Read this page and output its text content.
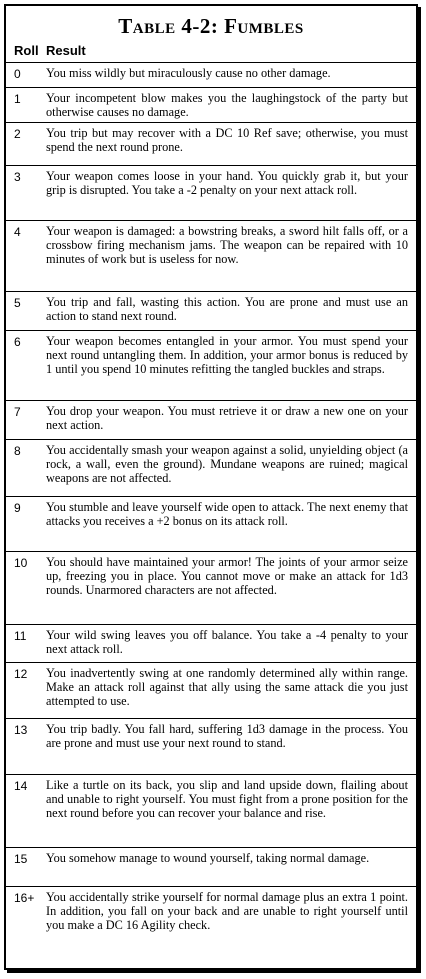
Table 4-2: Fumbles
Roll Result
0	You miss wildly but miraculously cause no other damage.
1	Your incompetent blow makes you the laughingstock of the party but otherwise causes no damage.
2	You trip but may recover with a DC 10 Ref save; otherwise, you must spend the next round prone.
3	Your weapon comes loose in your hand. You quickly grab it, but your grip is disrupted. You take a -2 penalty on your next attack roll.
4	Your weapon is damaged: a bowstring breaks, a sword hilt falls off, or a crossbow firing mechanism jams. The weapon can be repaired with 10 minutes of work but is useless for now.
5	You trip and fall, wasting this action. You are prone and must use an action to stand next round.
6	Your weapon becomes entangled in your armor. You must spend your next round untangling them. In addition, your armor bonus is reduced by 1 until you spend 10 minutes refitting the tangled buckles and straps.
7	You drop your weapon. You must retrieve it or draw a new one on your next action.
8	You accidentally smash your weapon against a solid, unyielding object (a rock, a wall, even the ground). Mundane weapons are ruined; magical weapons are not affected.
9	You stumble and leave yourself wide open to attack. The next enemy that attacks you receives a +2 bonus on its attack roll.
10	You should have maintained your armor! The joints of your armor seize up, freezing you in place. You cannot move or make an attack for 1d3 rounds. Unarmored characters are not affected.
11	Your wild swing leaves you off balance. You take a -4 penalty to your next attack roll.
12	You inadvertently swing at one randomly determined ally within range. Make an attack roll against that ally using the same attack die you just attempted to use.
13	You trip badly. You fall hard, suffering 1d3 damage in the process. You are prone and must use your next round to stand.
14	Like a turtle on its back, you slip and land upside down, flailing about and unable to right yourself. You must fight from a prone position for the next round before you can recover your balance and rise.
15	You somehow manage to wound yourself, taking normal damage.
16+ You accidentally strike yourself for normal damage plus an extra 1 point. In addition, you fall on your back and are unable to right yourself until you make a DC 16 Agility check.
